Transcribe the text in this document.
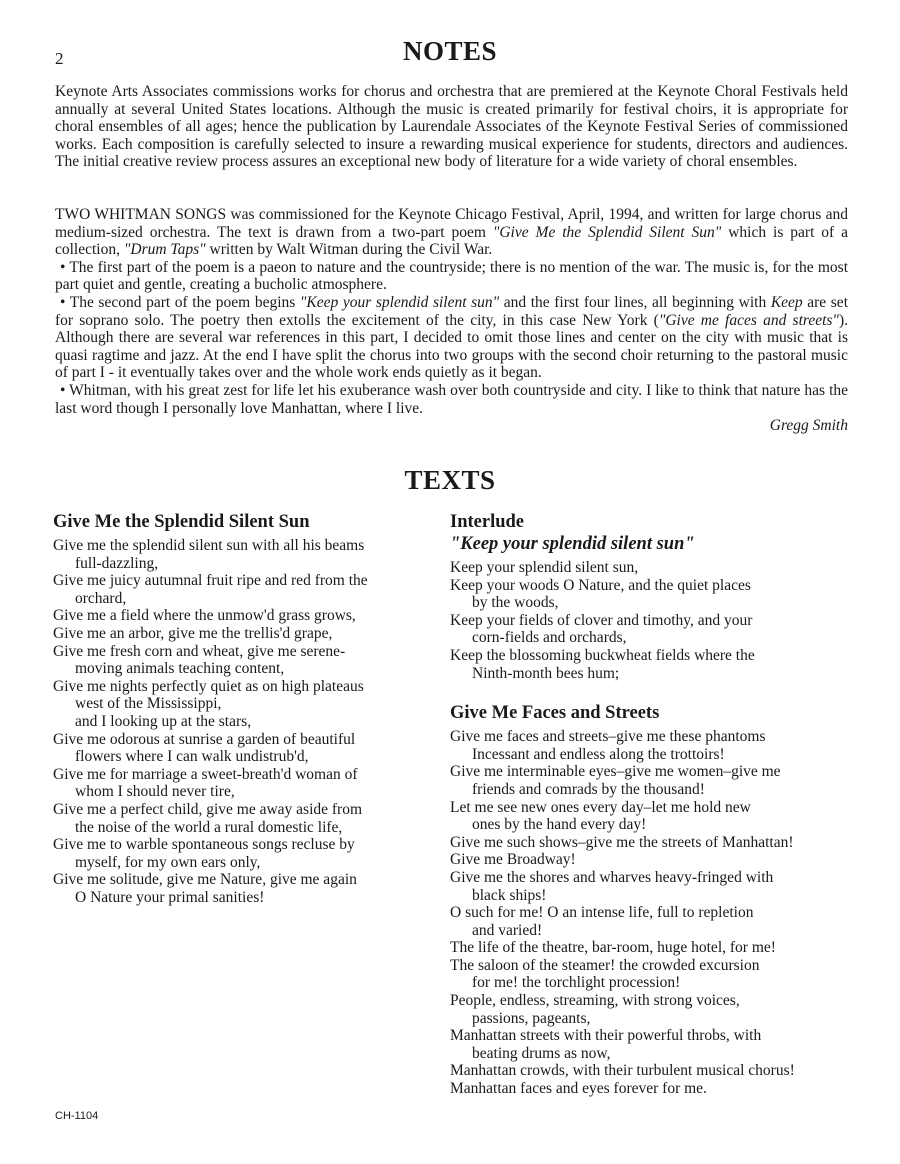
2	NOTES

Keynote Arts Associates commissions works for chorus and orchestra that are premiered at the Keynote Choral Festivals held annually at several United States locations. Although the music is created primarily for festival choirs, it is appropriate for choral ensembles of all ages; hence the publication by Laurendale Associates of the Keynote Festival Series of commissioned works. Each composition is carefully selected to insure a rewarding musical experience for students, directors and audiences. The initial creative review process assures an exceptional new body of literature for a wide variety of choral ensembles.

TWO WHITMAN SONGS was commissioned for the Keynote Chicago Festival, April, 1994, and written for large chorus and medium-sized orchestra. The text is drawn from a two-part poem "Give Me the Splendid Silent Sun" which is part of a collection, "Drum Taps" written by Walt Witman during the Civil War.

• The first part of the poem is a paeon to nature and the countryside; there is no mention of the war. The music is, for the most part quiet and gentle, creating a bucholic atmosphere.

• The second part of the poem begins "Keep your splendid silent sun" and the first four lines, all beginning with Keep are set for soprano solo. The poetry then extolls the excitement of the city, in this case New York ("Give me faces and streets"). Although there are several war references in this part, I decided to omit those lines and center on the city with music that is quasi ragtime and jazz. At the end I have split the chorus into two groups with the second choir returning to the pastoral music of part I - it eventually takes over and the whole work ends quietly as it began.

• Whitman, with his great zest for life let his exuberance wash over both countryside and city. I like to think that nature has the last word though I personally love Manhattan, where I live.

Gregg Smith

TEXTS
Give Me the Splendid Silent Sun
Give me the splendid silent sun with all his beams
full-dazzling,
Give me juicy autumnal fruit ripe and red from the
orchard,
Give me a field where the unmow'd grass grows,
Give me an arbor, give me the trellis'd grape,
Give me fresh corn and wheat, give me serene-
moving animals teaching content,
Give me nights perfectly quiet as on high plateaus
west of the Mississippi,
and I looking up at the stars,
Give me odorous at sunrise a garden of beautiful
flowers where I can walk undistrub'd,
Give me for marriage a sweet-breath'd woman of
whom I should never tire,
Give me a perfect child, give me away aside from
the noise of the world a rural domestic life,
Give me to warble spontaneous songs recluse by
myself, for my own ears only,
Give me solitude, give me Nature, give me again
O Nature your primal sanities!
Interlude
"Keep your splendid silent sun"
Keep your splendid silent sun,
Keep your woods O Nature, and the quiet places
by the woods,
Keep your fields of clover and timothy, and your
corn-fields and orchards,
Keep the blossoming buckwheat fields where the
Ninth-month bees hum;
Give Me Faces and Streets
Give me faces and streets–give me these phantoms
Incessant and endless along the trottoirs!
Give me interminable eyes–give me women–give me
friends and comrads by the thousand!
Let me see new ones every day–let me hold new
ones by the hand every day!
Give me such shows–give me the streets of Manhattan!
Give me Broadway!
Give me the shores and wharves heavy-fringed with
black ships!
O such for me! O an intense life, full to repletion
and varied!
The life of the theatre, bar-room, huge hotel, for me!
The saloon of the steamer! the crowded excursion
for me! the torchlight procession!
People, endless, streaming, with strong voices,
passions, pageants,
Manhattan streets with their powerful throbs, with
beating drums as now,
Manhattan crowds, with their turbulent musical chorus!
Manhattan faces and eyes forever for me.
CH-1104
